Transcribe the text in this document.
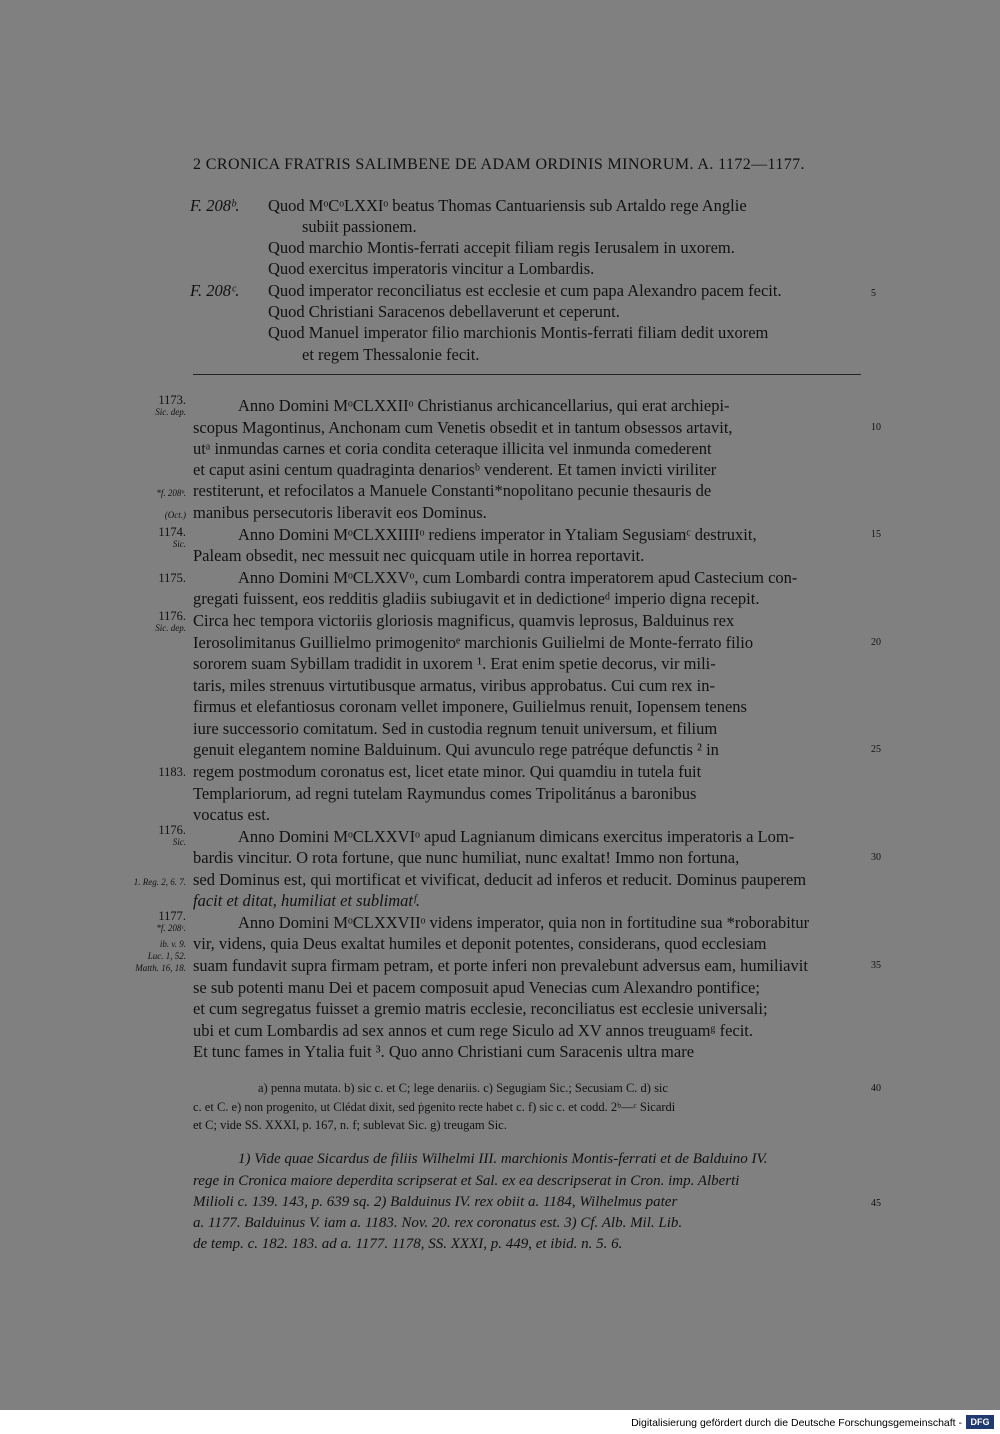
2 CRONICA FRATRIS SALIMBENE DE ADAM ORDINIS MINORUM. A. 1172—1177.
F. 208ᵇ.	Quod MᵒCᵒLXXIᵒ beatus Thomas Cantuariensis sub Artaldo rege Anglie
subiit passionem.
Quod marchio Montis-ferrati accepit filiam regis Ierusalem in uxorem.
Quod exercitus imperatoris vincitur a Lombardis.
F. 208ᶜ.	Quod imperator reconciliatus est ecclesie et cum papa Alexandro pacem fecit.
Quod Christiani Saracenos debellaverunt et ceperunt.
Quod Manuel imperator filio marchionis Montis-ferrati filiam dedit uxorem
et regem Thessalonie fecit.
5
1173.
Sic. dep.
*f. 208ᵇ.
(Oct.)
1174.
Sic.
1175.
1176.
Sic. dep.
1183.
1176.
Sic.
1. Reg. 2, 6. 7.
1177.
*f. 208ᶜ.
ib. v. 9.
Luc. 1, 52.
Matth. 16, 18.
Anno Domini MᵒCLXXIIᵒ Christianus archicancellarius, qui erat archiepi-
scopus Magontinus, Anchonam cum Venetis obsedit et in tantum obsessos artavit,
utᵃ inmundas carnes et coria condita ceteraque illicita vel inmunda comederent
et caput asini centum quadraginta denariosᵇ venderent. Et tamen invicti viriliter
restiterunt, et refocilatos a Manuele Constanti*nopolitano pecunie thesauris de
manibus persecutoris liberavit eos Dominus.
Anno Domini MᵒCLXXIIIIᵒ rediens imperator in Ytaliam Segusiamᶜ destruxit,
Paleam obsedit, nec messuit nec quicquam utile in horrea reportavit.
Anno Domini MᵒCLXXVᵒ, cum Lombardi contra imperatorem apud Castecium con-
gregati fuissent, eos redditis gladiis subiugavit et in dedictioneᵈ imperio digna recepit.
Circa hec tempora victoriis gloriosis magnificus, quamvis leprosus, Balduinus rex
Ierosolimitanus Guillielmo primogenitoᵉ marchionis Guilielmi de Monte-ferrato filio
sororem suam Sybillam tradidit in uxorem ¹. Erat enim spetie decorus, vir mili-
taris, miles strenuus virtutibusque armatus, viribus approbatus. Cui cum rex in-
firmus et elefantiosus coronam vellet imponere, Guilielmus renuit, Iopensem tenens
iure successorio comitatum. Sed in custodia regnum tenuit universum, et filium
genuit elegantem nomine Balduinum. Qui avunculo rege patréque defunctis ² in
regem postmodum coronatus est, licet etate minor. Qui quamdiu in tutela fuit
Templariorum, ad regni tutelam Raymundus comes Tripolitánus a baronibus
vocatus est.
Anno Domini MᵒCLXXVIᵒ apud Lagnianum dimicans exercitus imperatoris a Lom-
bardis vincitur. O rota fortune, que nunc humiliat, nunc exaltat! Immo non fortuna,
sed Dominus est, qui mortificat et vivificat, deducit ad inferos et reducit. Dominus pauperem
facit et ditat, humiliat et sublimatᶠ.
Anno Domini MᵒCLXXVIIᵒ videns imperator, quia non in fortitudine sua *roborabitur
vir, videns, quia Deus exaltat humiles et deponit potentes, considerans, quod ecclesiam
suam fundavit supra firmam petram, et porte inferi non prevalebunt adversus eam, humiliavit
se sub potenti manu Dei et pacem composuit apud Venecias cum Alexandro pontifice;
et cum segregatus fuisset a gremio matris ecclesie, reconciliatus est ecclesie universali;
ubi et cum Lombardis ad sex annos et cum rege Siculo ad XV annos treuguamᵍ fecit.
Et tunc fames in Ytalia fuit ³. Quo anno Christiani cum Saracenis ultra mare
10
15
20
25
30
35
a) penna mutata. b) sic c. et C; lege denariis. c) Segugiam Sic.; Secusiam C. d) sic
c. et C. e) non progenito, ut Clédat dixit, sed ṗgenito recte habet c. f) sic c. et codd. 2ᵇ—ᶜ Sicardi
et C; vide SS. XXXI, p. 167, n. f; sublevat Sic. g) treugam Sic.
40
1) Vide quae Sicardus de filiis Wilhelmi III. marchionis Montis-ferrati et de Balduino IV.
rege in Cronica maiore deperdita scripserat et Sal. ex ea descripserat in Cron. imp. Alberti
Milioli c. 139. 143, p. 639 sq. 2) Balduinus IV. rex obiit a. 1184, Wilhelmus pater
a. 1177. Balduinus V. iam a. 1183. Nov. 20. rex coronatus est. 3) Cf. Alb. Mil. Lib.
de temp. c. 182. 183. ad a. 1177. 1178, SS. XXXI, p. 449, et ibid. n. 5. 6.
45
Digitalisierung gefördert durch die Deutsche Forschungsgemeinschaft - DFG
